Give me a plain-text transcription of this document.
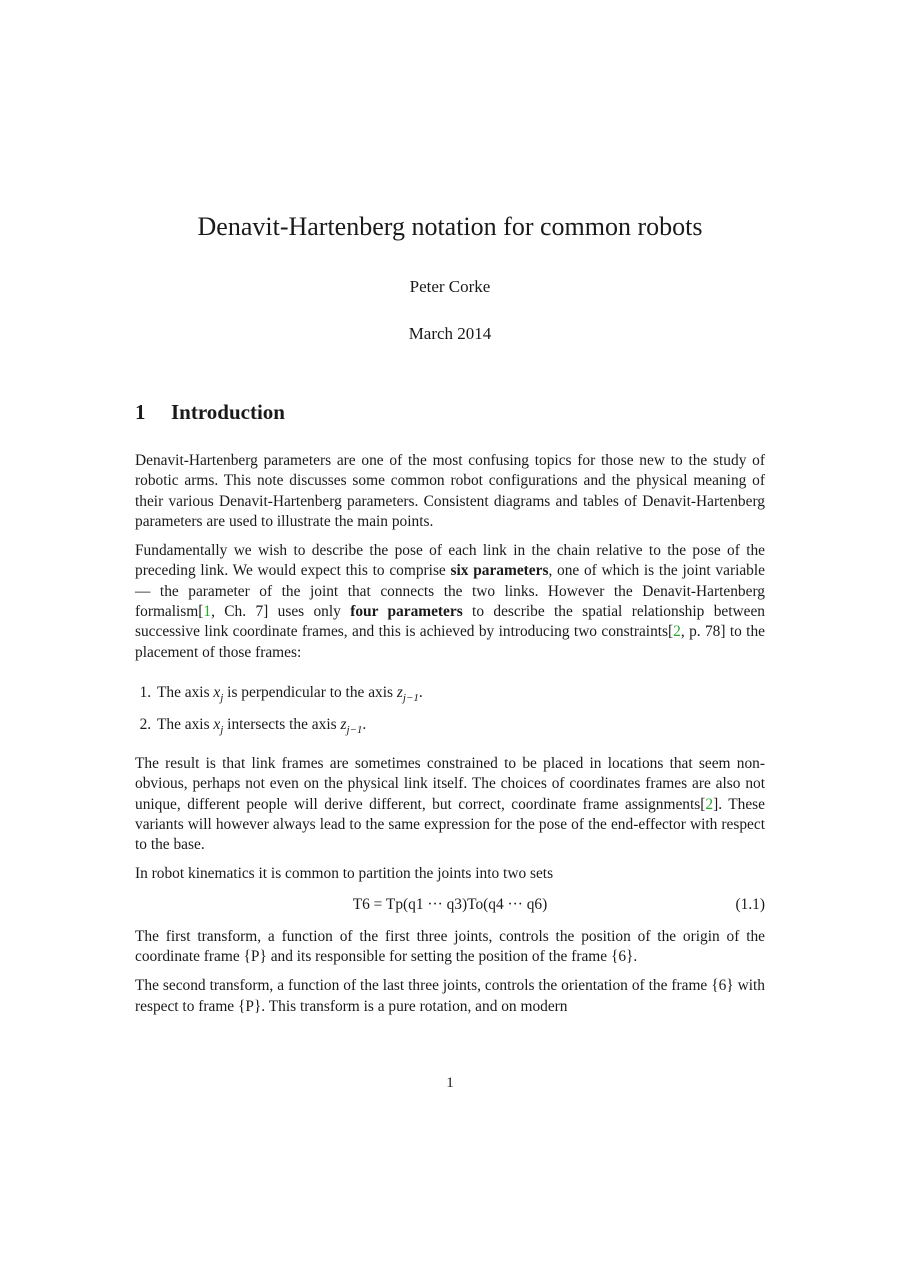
Denavit-Hartenberg notation for common robots
Peter Corke
March 2014
1 Introduction

Denavit-Hartenberg parameters are one of the most confusing topics for those new to the study of robotic arms. This note discusses some common robot configurations and the physical meaning of their various Denavit-Hartenberg parameters. Consistent diagrams and tables of Denavit-Hartenberg parameters are used to illustrate the main points.

Fundamentally we wish to describe the pose of each link in the chain relative to the pose of the preceding link. We would expect this to comprise six parameters, one of which is the joint variable — the parameter of the joint that connects the two links. However the Denavit-Hartenberg formalism[1, Ch. 7] uses only four parameters to describe the spatial relationship between successive link coordinate frames, and this is achieved by introducing two constraints[2, p. 78] to the placement of those frames:

1. The axis $x_j$ is perpendicular to the axis $z_{j-1}$.
2. The axis $x_j$ intersects the axis $z_{j-1}$.

The result is that link frames are sometimes constrained to be placed in locations that seem non-obvious, perhaps not even on the physical link itself. The choices of coordinates frames are also not unique, different people will derive different, but correct, coordinate frame assignments[2]. These variants will however always lead to the same expression for the pose of the end-effector with respect to the base.

In robot kinematics it is common to partition the joints into two sets

T6 = Tp(q1 ··· q3)To(q4 ··· q6)	(1.1)

The first transform, a function of the first three joints, controls the position of the origin of the coordinate frame {P} and its responsible for setting the position of the frame {6}.

The second transform, a function of the last three joints, controls the orientation of the frame {6} with respect to frame {P}. This transform is a pure rotation, and on modern

1
